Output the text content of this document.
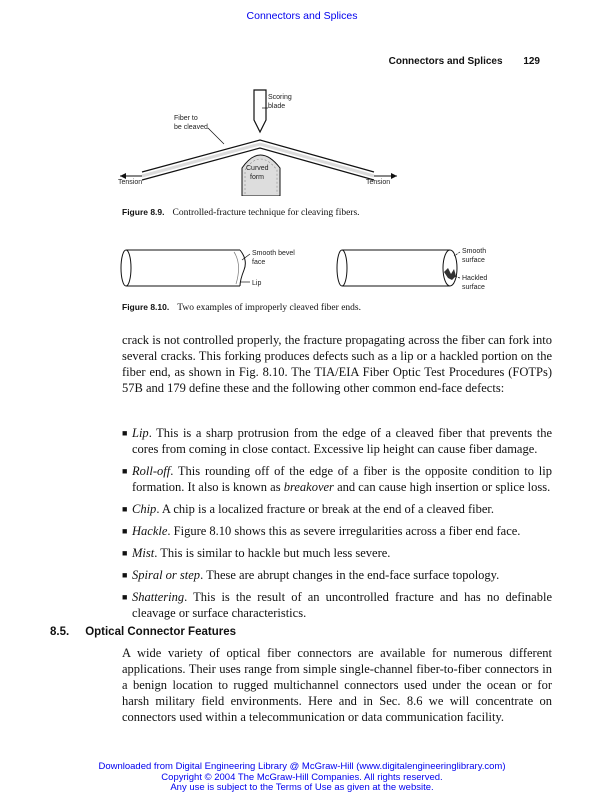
Connectors and Splices
Connectors and Splices 129
Scoring
blade
Fiber to
be cleaved
Curved
form
Tension	Tension
Figure 8.9. Controlled-fracture technique for cleaving fibers.
Smooth bevel
face
Lip
Smooth
surface
Hackled
surface
Figure 8.10. Two examples of improperly cleaved fiber ends.

crack is not controlled properly, the fracture propagating across the fiber can fork into several cracks. This forking produces defects such as a lip or a hackled portion on the fiber end, as shown in Fig. 8.10. The TIA/EIA Fiber Optic Test Procedures (FOTPs) 57B and 179 define these and the following other common end-face defects:

■ Lip. This is a sharp protrusion from the edge of a cleaved fiber that prevents the cores from coming in close contact. Excessive lip height can cause fiber damage.
■ Roll-off. This rounding off of the edge of a fiber is the opposite condition to lip formation. It also is known as breakover and can cause high insertion or splice loss.
■ Chip. A chip is a localized fracture or break at the end of a cleaved fiber.
■ Hackle. Figure 8.10 shows this as severe irregularities across a fiber end face.
■ Mist. This is similar to hackle but much less severe.
■ Spiral or step. These are abrupt changes in the end-face surface topology.
■ Shattering. This is the result of an uncontrolled fracture and has no definable cleavage or surface characteristics.
8.5. Optical Connector Features

A wide variety of optical fiber connectors are available for numerous different applications. Their uses range from simple single-channel fiber-to-fiber connectors in a benign location to rugged multichannel connectors used under the ocean or for harsh military field environments. Here and in Sec. 8.6 we will concentrate on connectors used within a telecommunication or data communication facility.

Downloaded from Digital Engineering Library @ McGraw-Hill (www.digitalengineeringlibrary.com)
Copyright © 2004 The McGraw-Hill Companies. All rights reserved.
Any use is subject to the Terms of Use as given at the website.
